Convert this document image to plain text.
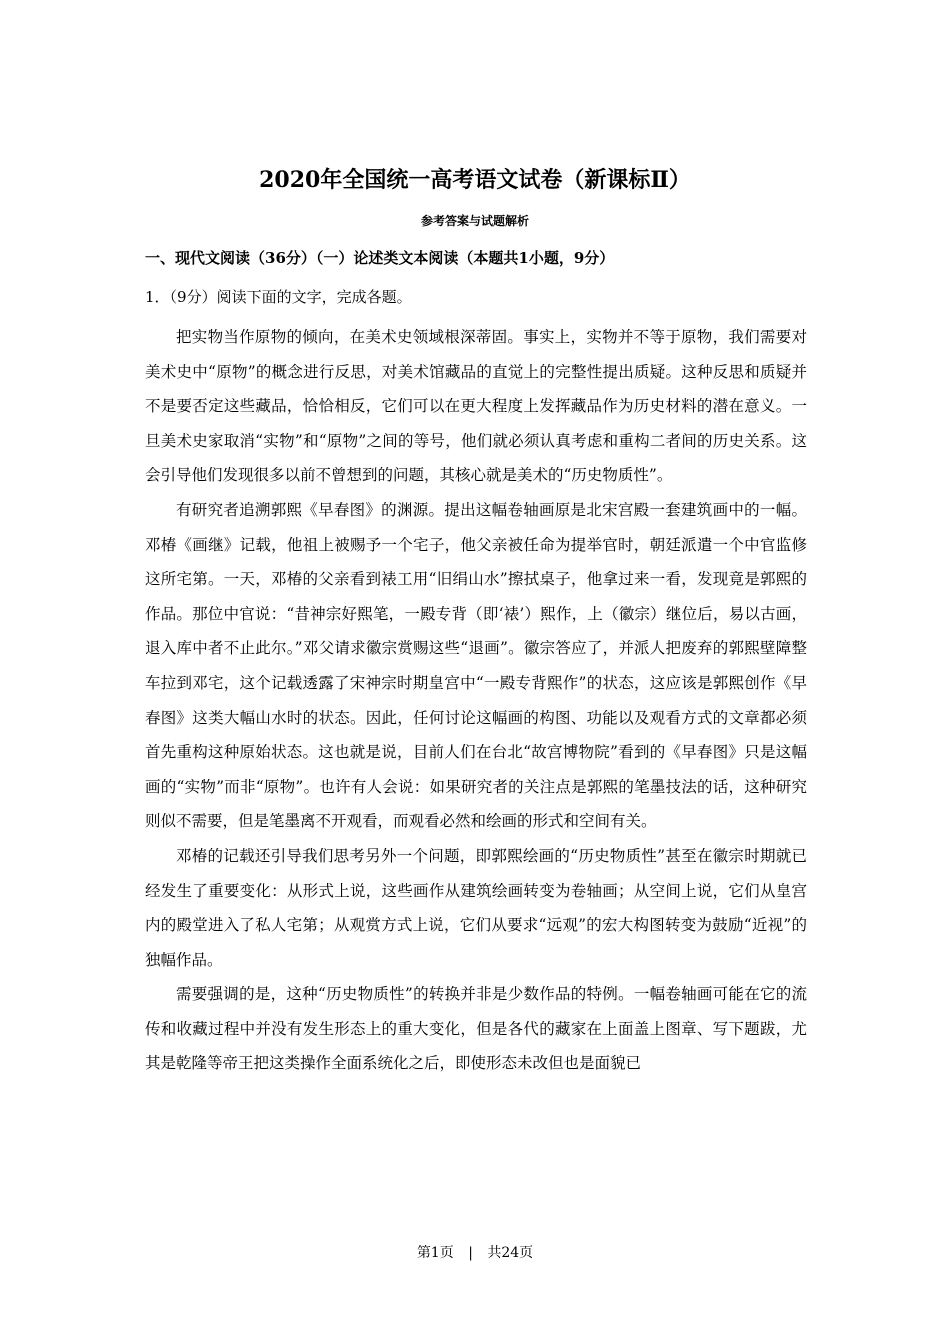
2020年全国统一高考语文试卷（新课标Ⅱ）
参考答案与试题解析
一、现代文阅读（36分）（一）论述类文本阅读（本题共1小题，9分）
1．（9分）阅读下面的文字，完成各题。

把实物当作原物的倾向，在美术史领域根深蒂固。事实上，实物并不等于原物，我们需要对美术史中“原物”的概念进行反思，对美术馆藏品的直觉上的完整性提出质疑。这种反思和质疑并不是要否定这些藏品，恰恰相反，它们可以在更大程度上发挥藏品作为历史材料的潜在意义。一旦美术史家取消“实物”和“原物”之间的等号，他们就必须认真考虑和重构二者间的历史关系。这会引导他们发现很多以前不曾想到的问题，其核心就是美术的“历史物质性”。

有研究者追溯郭熙《早春图》的渊源。提出这幅卷轴画原是北宋宫殿一套建筑画中的一幅。邓椿《画继》记载，他祖上被赐予一个宅子，他父亲被任命为提举官时，朝廷派遣一个中官监修这所宅第。一天，邓椿的父亲看到裱工用“旧绢山水”擦拭桌子，他拿过来一看，发现竟是郭熙的作品。那位中官说：“昔神宗好熙笔，一殿专背（即‘裱’）熙作，上（徽宗）继位后，易以古画，退入库中者不止此尔。”邓父请求徽宗赏赐这些“退画”。徽宗答应了，并派人把废弃的郭熙壁障整车拉到邓宅，这个记载透露了宋神宗时期皇宫中“一殿专背熙作”的状态，这应该是郭熙创作《早春图》这类大幅山水时的状态。因此，任何讨论这幅画的构图、功能以及观看方式的文章都必须首先重构这种原始状态。这也就是说，目前人们在台北“故宫博物院”看到的《早春图》只是这幅画的“实物”而非“原物”。也许有人会说：如果研究者的关注点是郭熙的笔墨技法的话，这种研究则似不需要，但是笔墨离不开观看，而观看必然和绘画的形式和空间有关。

邓椿的记载还引导我们思考另外一个问题，即郭熙绘画的“历史物质性”甚至在徽宗时期就已经发生了重要变化：从形式上说，这些画作从建筑绘画转变为卷轴画；从空间上说，它们从皇宫内的殿堂进入了私人宅第；从观赏方式上说，它们从要求“远观”的宏大构图转变为鼓励“近视”的独幅作品。

需要强调的是，这种“历史物质性”的转换并非是少数作品的特例。一幅卷轴画可能在它的流传和收藏过程中并没有发生形态上的重大变化，但是各代的藏家在上面盖上图章、写下题跋，尤其是乾隆等帝王把这类操作全面系统化之后，即使形态未改但也是面貌已

第1页 | 共24页
